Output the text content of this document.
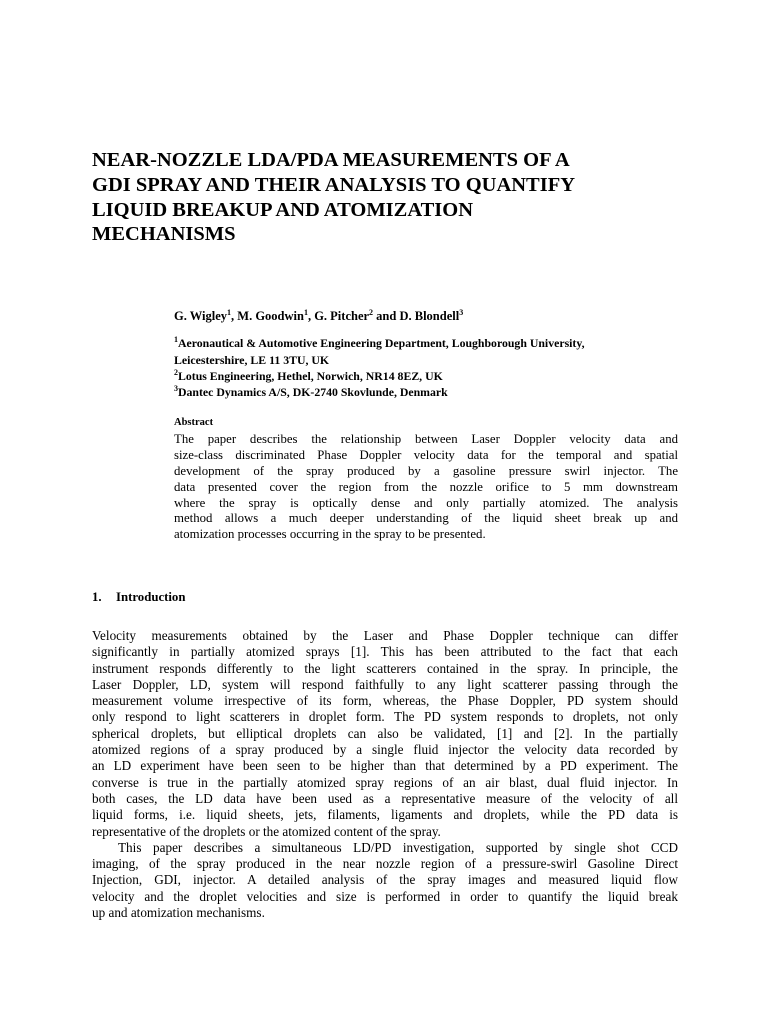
NEAR-NOZZLE LDA/PDA MEASUREMENTS OF A
GDI SPRAY AND THEIR ANALYSIS TO QUANTIFY
LIQUID BREAKUP AND ATOMIZATION
MECHANISMS
G. Wigley$^1$, M. Goodwin$^1$, G. Pitcher$^2$ and D. Blondell$^3$
$^1$Aeronautical & Automotive Engineering Department, Loughborough University,
Leicestershire, LE 11 3TU, UK
$^2$Lotus Engineering, Hethel, Norwich, NR14 8EZ, UK
$^3$Dantec Dynamics A/S, DK-2740 Skovlunde, Denmark
Abstract
The paper describes the relationship between Laser Doppler velocity data and
size-class discriminated Phase Doppler velocity data for the temporal and spatial
development of the spray produced by a gasoline pressure swirl injector. The
data presented cover the region from the nozzle orifice to 5 mm downstream
where the spray is optically dense and only partially atomized. The analysis
method allows a much deeper understanding of the liquid sheet break up and
atomization processes occurring in the spray to be presented.
1. Introduction
Velocity measurements obtained by the Laser and Phase Doppler technique can differ
significantly in partially atomized sprays [1]. This has been attributed to the fact that each
instrument responds differently to the light scatterers contained in the spray. In principle, the
Laser Doppler, LD, system will respond faithfully to any light scatterer passing through the
measurement volume irrespective of its form, whereas, the Phase Doppler, PD system should
only respond to light scatterers in droplet form. The PD system responds to droplets, not only
spherical droplets, but elliptical droplets can also be validated, [1] and [2]. In the partially
atomized regions of a spray produced by a single fluid injector the velocity data recorded by
an LD experiment have been seen to be higher than that determined by a PD experiment. The
converse is true in the partially atomized spray regions of an air blast, dual fluid injector. In
both cases, the LD data have been used as a representative measure of the velocity of all
liquid forms, i.e. liquid sheets, jets, filaments, ligaments and droplets, while the PD data is
representative of the droplets or the atomized content of the spray.
This paper describes a simultaneous LD/PD investigation, supported by single shot CCD
imaging, of the spray produced in the near nozzle region of a pressure-swirl Gasoline Direct
Injection, GDI, injector. A detailed analysis of the spray images and measured liquid flow
velocity and the droplet velocities and size is performed in order to quantify the liquid break
up and atomization mechanisms.
